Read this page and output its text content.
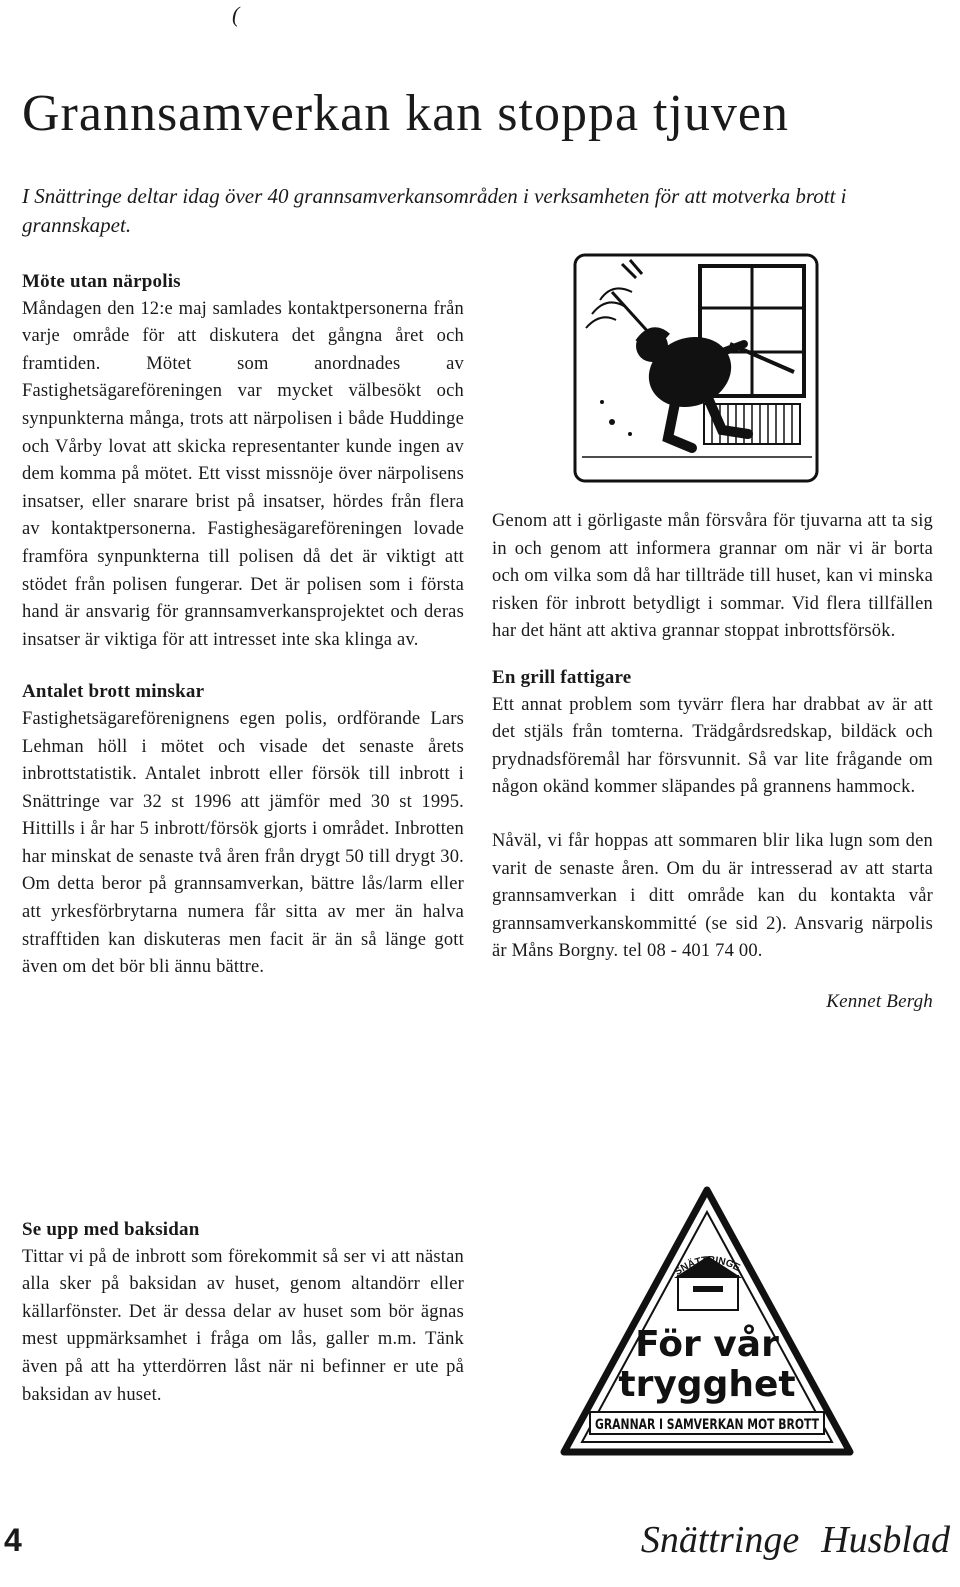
(
Grannsamverkan kan stoppa tjuven

I Snättringe deltar idag över 40 grannsamverkansområden i verksamheten för att motverka brott i grannskapet.

Möte utan närpolis

Måndagen den 12:e maj samlades kontaktpersonerna från varje område för att diskutera det gångna året och framtiden. Mötet som anordnades av Fastighetsägareföreningen var mycket välbesökt och synpunkterna många, trots att närpolisen i både Huddinge och Vårby lovat att skicka representanter kunde ingen av dem komma på mötet. Ett visst missnöje över närpolisens insatser, eller snarare brist på insatser, hördes från flera av kontaktpersonerna. Fastighesägareföreningen lovade framföra synpunkterna till polisen då det är viktigt att stödet från polisen fungerar. Det är polisen som i första hand är ansvarig för grannsamverkansprojektet och deras insatser är viktiga för att intresset inte ska klinga av.

Antalet brott minskar

Fastighetsägareförenignens egen polis, ordförande Lars Lehman höll i mötet och visade det senaste årets inbrottstatistik. Antalet inbrott eller försök till inbrott i Snättringe var 32 st 1996 att jämför med 30 st 1995. Hittills i år har 5 inbrott/försök gjorts i området. Inbrotten har minskat de senaste två åren från drygt 50 till drygt 30. Om detta beror på grannsamverkan, bättre lås/larm eller att yrkesförbrytarna numera får sitta av mer än halva strafftiden kan diskuteras men facit är än så länge gott även om det bör bli ännu bättre.

Se upp med baksidan

Tittar vi på de inbrott som förekommit så ser vi att nästan alla sker på baksidan av huset, genom altandörr eller källarfönster. Det är dessa delar av huset som bör ägnas mest uppmärksamhet i fråga om lås, galler m.m. Tänk även på att ha ytterdörren låst när ni befinner er ute på baksidan av huset.

Genom att i görligaste mån försvåra för tjuvarna att ta sig in och genom att informera grannar om när vi är borta och om vilka som då har tillträde till huset, kan vi minska risken för inbrott betydligt i sommar. Vid flera tillfällen har det hänt att aktiva grannar stoppat inbrottsförsök.

En grill fattigare

Ett annat problem som tyvärr flera har drabbat av är att det stjäls från tomterna. Trädgårdsredskap, bildäck och prydnadsföremål har försvunnit. Så var lite frågande om någon okänd kommer släpandes på grannens hammock.

Nåväl, vi får hoppas att sommaren blir lika lugn som den varit de senaste åren. Om du är intresserad av att starta grannsamverkan i ditt område kan du kontakta vår grannsamverkanskommitté (se sid 2). Ansvarig närpolis är Måns Borgny. tel 08 - 401 74 00.

Kennet Bergh

SNÄTTRINGE
För vår
trygghet
GRANNAR I SAMVERKAN MOT BROTT
4	Snättringe Husblad
